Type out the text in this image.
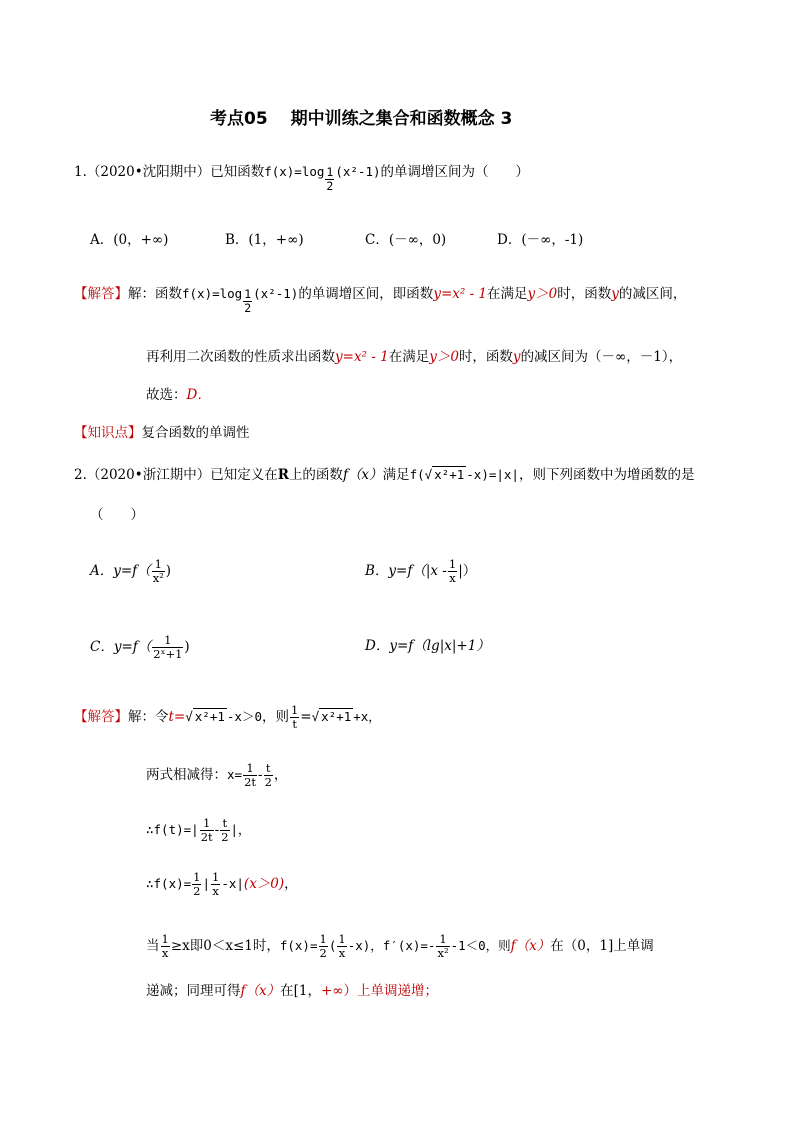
考点05　 期中训练之集合和函数概念 3
1.（2020•沈阳期中）已知函数$f(x)=\log \frac{1}{2} (x^2-1)$的单调增区间为（　　）
A．(0，+∞)	B．(1，+∞)	C．(－∞，0)	D．(－∞，-1)
【解答】解：函数$f(x)=\log \frac{1}{2} (x^2-1)$的单调增区间，即函数y=x² - 1在满足y＞0时，函数y的减区间，
再利用二次函数的性质求出函数y=x² - 1在满足y＞0时，函数y的减区间为（－∞，－1），
故选：D．
【知识点】复合函数的单调性
2.（2020•浙江期中）已知定义在R上的函数f（x）满足f(√ x²+1 -x)=|x|，则下列函数中为增函数的是
（　　）
A．$y=f( \frac{1}{\text{x²}}$ )	B．$y=f(|x - \frac{1}{x}$ |）
C．$y=f( \frac{1}{\text{2ˣ+1}}$ )	D．y=f（lg|x|+1）
【解答】解：令t=√ x²+1 -x＞0，则 $\frac{1}{t}$ =√ x²+1 +x，
两式相减得：$x= \frac{1}{2t} - \frac{t}{2}$ ，
∴f(t)=| $\frac{1}{2t} - \frac{t}{2}$ |，
∴f(x)= $\frac{1}{2}$ | $\frac{1}{x} -x|(x>0)$，
当 $\frac{1}{x} \ge x$即0＜x≤1时，$f(x)= \frac{1}{2}$ ( $\frac{1}{x} -x$)，$f'(x)=- \frac{1}{\text{x²}} -1<0$，则f（x）在（0，1]上单调
递减；同理可得f（x）在[1，+∞）上单调递增；
